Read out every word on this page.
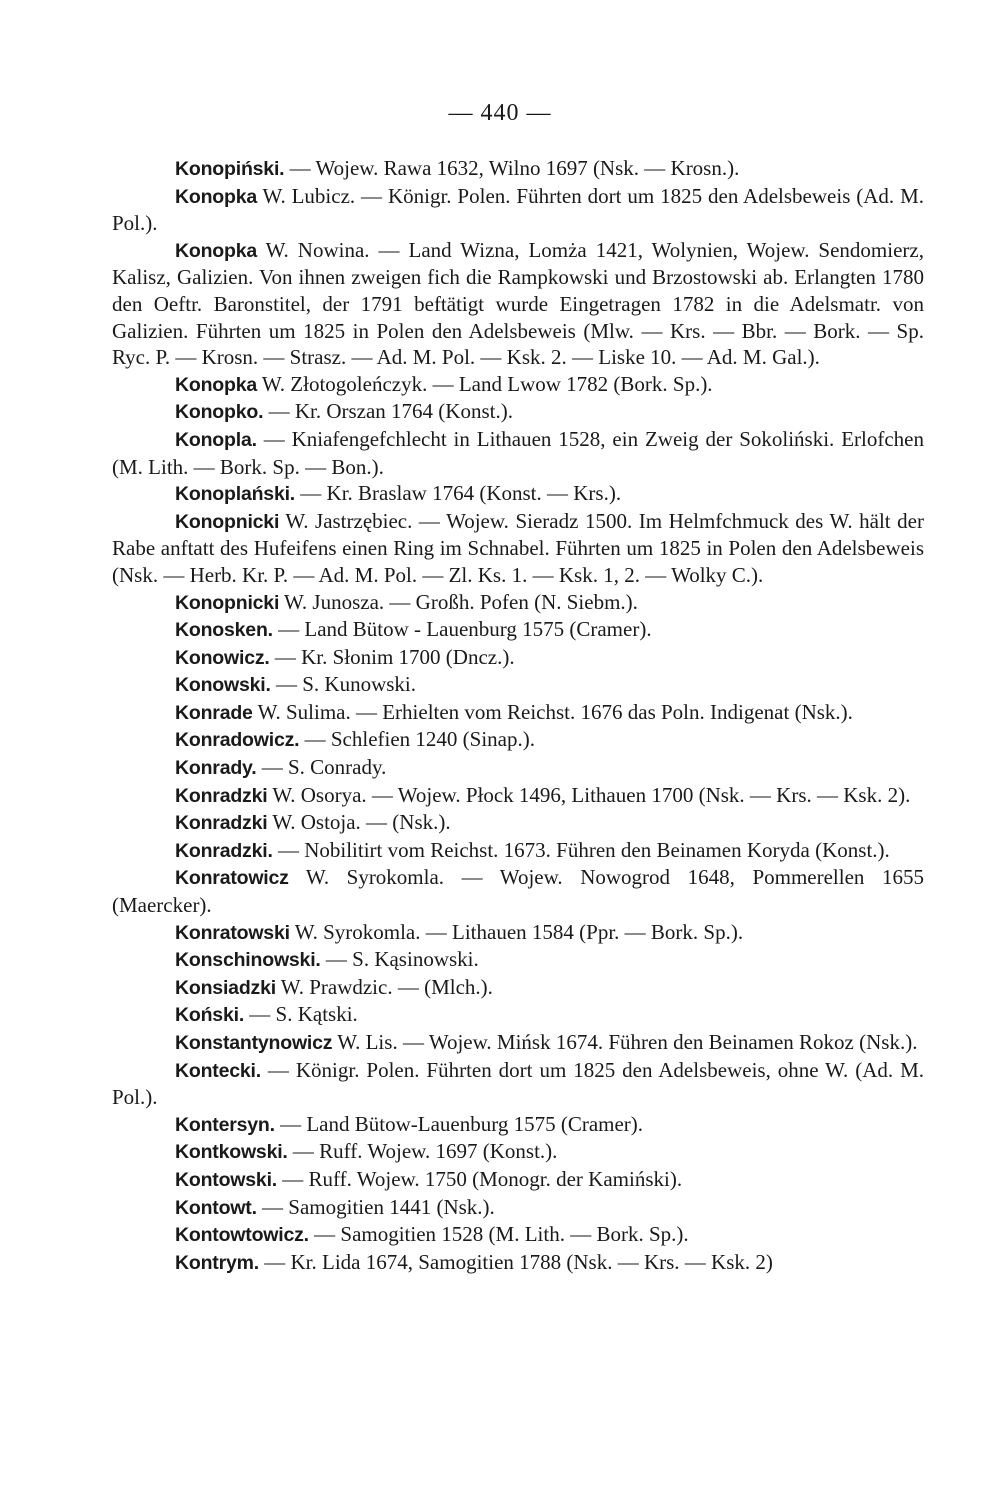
— 440 —

Konopiński. — Wojew. Rawa 1632, Wilno 1697 (Nsk. — Krosn.).

Konopka W. Lubicz. — Königr. Polen. Führten dort um 1825 den Adelsbeweis (Ad. M. Pol.).

Konopka W. Nowina. — Land Wizna, Lomża 1421, Wolynien, Wojew. Sendomierz, Kalisz, Galizien. Von ihnen zweigen fich die Rampkowski und Brzostowski ab. Erlangten 1780 den Oeftr. Baronstitel, der 1791 beftätigt wurde Eingetragen 1782 in die Adelsmatr. von Galizien. Führten um 1825 in Polen den Adelsbeweis (Mlw. — Krs. — Bbr. — Bork. — Sp. Ryc. P. — Krosn. — Strasz. — Ad. M. Pol. — Ksk. 2. — Liske 10. — Ad. M. Gal.).

Konopka W. Złotogoleńczyk. — Land Lwow 1782 (Bork. Sp.).

Konopko. — Kr. Orszan 1764 (Konst.).

Konopla. — Kniafengefchlecht in Lithauen 1528, ein Zweig der Sokoliński. Erlofchen (M. Lith. — Bork. Sp. — Bon.).

Konoplański. — Kr. Braslaw 1764 (Konst. — Krs.).

Konopnicki W. Jastrzębiec. — Wojew. Sieradz 1500. Im Helmfchmuck des W. hält der Rabe anftatt des Hufeifens einen Ring im Schnabel. Führten um 1825 in Polen den Adelsbeweis (Nsk. — Herb. Kr. P. — Ad. M. Pol. — Zl. Ks. 1. — Ksk. 1, 2. — Wolky C.).

Konopnicki W. Junosza. — Großh. Pofen (N. Siebm.).

Konosken. — Land Bütow - Lauenburg 1575 (Cramer).

Konowicz. — Kr. Słonim 1700 (Dncz.).

Konowski. — S. Kunowski.

Konrade W. Sulima. — Erhielten vom Reichst. 1676 das Poln. Indigenat (Nsk.).

Konradowicz. — Schlefien 1240 (Sinap.).

Konrady. — S. Conrady.

Konradzki W. Osorya. — Wojew. Płock 1496, Lithauen 1700 (Nsk. — Krs. — Ksk. 2).

Konradzki W. Ostoja. — (Nsk.).

Konradzki. — Nobilitirt vom Reichst. 1673. Führen den Beinamen Koryda (Konst.).

Konratowicz W. Syrokomla. — Wojew. Nowogrod 1648, Pommerellen 1655 (Maercker).

Konratowski W. Syrokomla. — Lithauen 1584 (Ppr. — Bork. Sp.).

Konschinowski. — S. Kąsinowski.

Konsiadzki W. Prawdzic. — (Mlch.).

Koński. — S. Kątski.

Konstantynowicz W. Lis. — Wojew. Mińsk 1674. Führen den Beinamen Rokoz (Nsk.).

Kontecki. — Königr. Polen. Führten dort um 1825 den Adelsbeweis, ohne W. (Ad. M. Pol.).

Kontersyn. — Land Bütow-Lauenburg 1575 (Cramer).

Kontkowski. — Ruff. Wojew. 1697 (Konst.).

Kontowski. — Ruff. Wojew. 1750 (Monogr. der Kamiński).

Kontowt. — Samogitien 1441 (Nsk.).

Kontowtowicz. — Samogitien 1528 (M. Lith. — Bork. Sp.).

Kontrym. — Kr. Lida 1674, Samogitien 1788 (Nsk. — Krs. — Ksk. 2)
